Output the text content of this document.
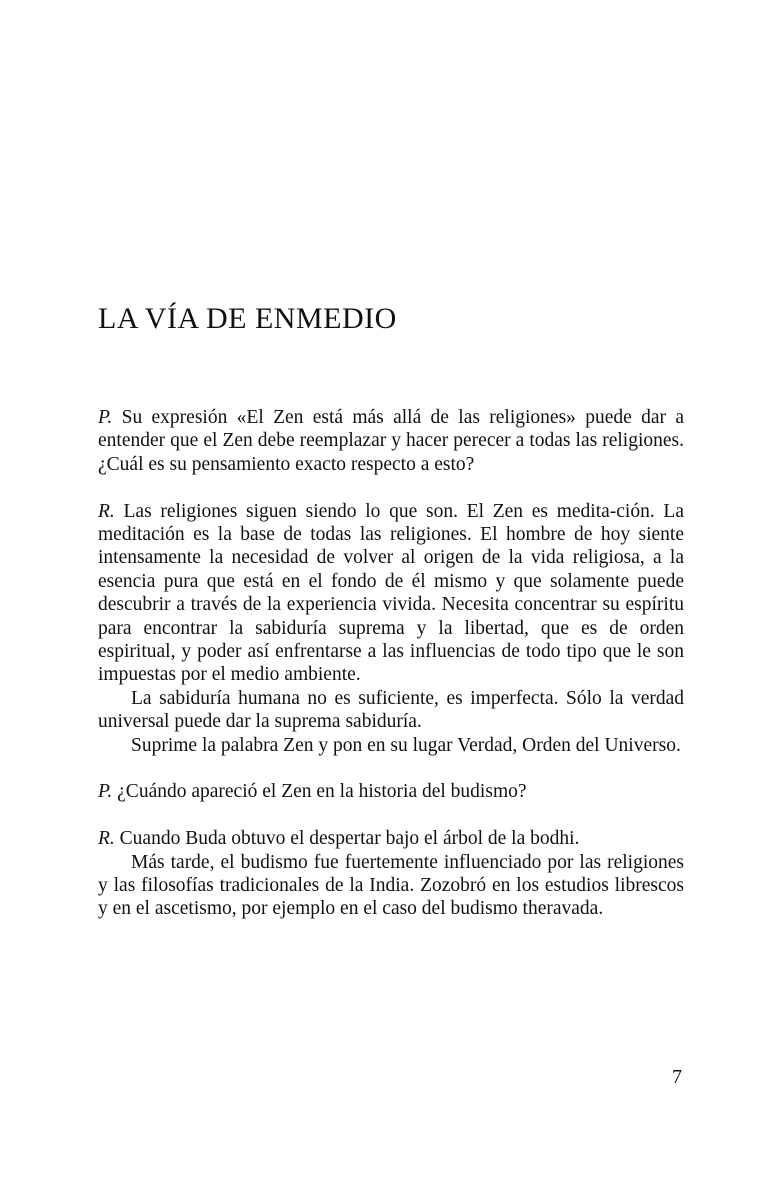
LA VÍA DE ENMEDIO

P. Su expresión «El Zen está más allá de las religiones» puede dar a entender que el Zen debe reemplazar y hacer perecer a todas las religiones. ¿Cuál es su pensamiento exacto respecto a esto?

R. Las religiones siguen siendo lo que son. El Zen es medita-ción. La meditación es la base de todas las religiones. El hombre de hoy siente intensamente la necesidad de volver al origen de la vida religiosa, a la esencia pura que está en el fondo de él mismo y que solamente puede descubrir a través de la experiencia vivida. Necesita concentrar su espíritu para encontrar la sabiduría suprema y la libertad, que es de orden espiritual, y poder así enfrentarse a las influencias de todo tipo que le son impuestas por el medio ambiente.

La sabiduría humana no es suficiente, es imperfecta. Sólo la verdad universal puede dar la suprema sabiduría.

Suprime la palabra Zen y pon en su lugar Verdad, Orden del Universo.

P. ¿Cuándo apareció el Zen en la historia del budismo?

R. Cuando Buda obtuvo el despertar bajo el árbol de la bodhi.

Más tarde, el budismo fue fuertemente influenciado por las religiones y las filosofías tradicionales de la India. Zozobró en los estudios librescos y en el ascetismo, por ejemplo en el caso del budismo theravada.

7
